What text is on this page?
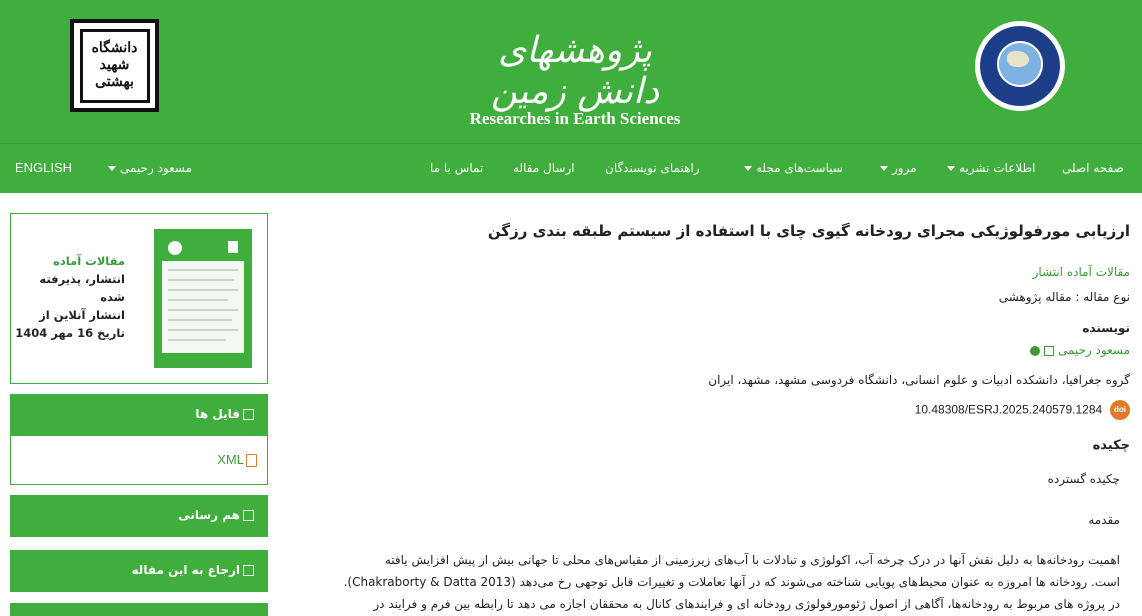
دانشگاه
شهید
بهشتی
پژوهشهای دانش زمین
Researches in Earth Sciences
صفحه اصلی
اطلاعات نشریه
مرور
سیاست‌های مجله
راهنمای نویسندگان
ارسال مقاله
تماس با ما
مسعود رحیمی
ENGLISH
مقالات آماده
انتشار، پذیرفته
شده
انتشار آنلاین از
تاریخ 16 مهر 1404
فایل ها
XML
هم رسانی
ارجاع به این مقاله
ارزیابی مورفولوژیکی مجرای رودخانه گیوی چای با استفاده از سیستم طبقه بندی رزگن
مقالات آماده انتشار
نوع مقاله : مقاله پژوهشی
نویسنده
مسعود رحیمی
گروه جغرافیا، دانشکده ادبیات و علوم انسانی، دانشگاه فردوسی مشهد، مشهد، ایران
10.48308/ESRJ.2025.240579.1284 doi
چکیده
چکیده گسترده
مقدمه
اهمیت رودخانه‌ها به دلیل نقش آنها در درک چرخه آب، اکولوژی و تبادلات با آب‌های زیرزمینی از مقیاس‌های محلی تا جهانی بیش از پیش افزایش یافته
است. رودخانه ها امروزه به عنوان محیط‌های پویایی شناخته می‌شوند که در آنها تعاملات و تغییرات قابل توجهی رخ می‌دهد (Chakraborty & Datta 2013).
در پروژه های مربوط به رودخانه‌ها، آگاهی از اصول ژئومورفولوژی رودخانه ای و فرایندهای کانال به محققان اجازه می دهد تا رابطه بین فرم و فرایند در
